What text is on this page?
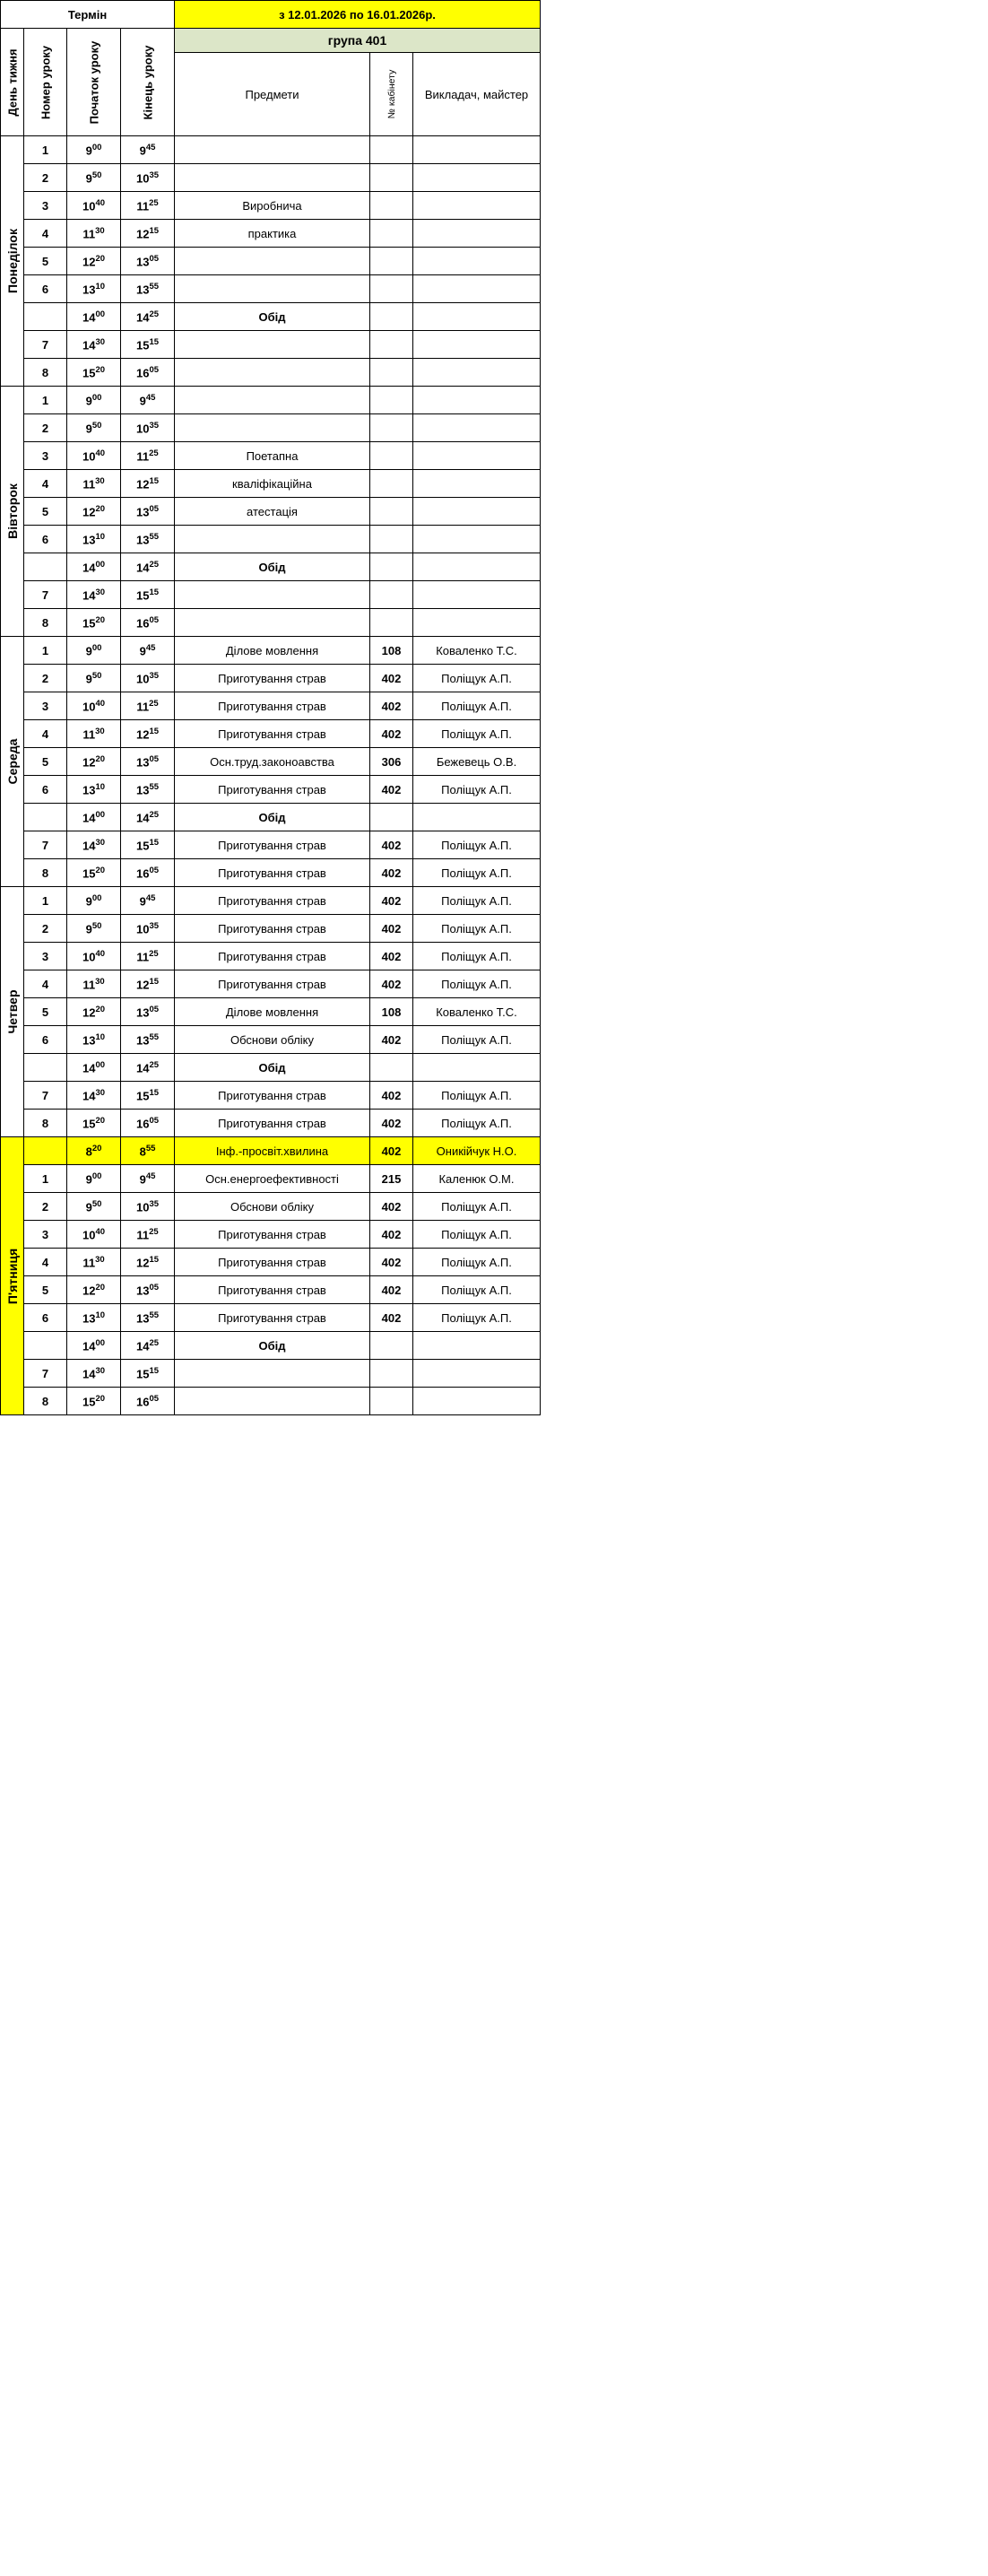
Термін				з 12.01.2026 по 16.01.2026р.		

День тижня	Номер уроку	Початок уроку	Кінець уроку	група 401		
				Предмети	№ кабінету	Викладач, майстер

Понеділок	1	$9^{00}$	$9^{45}$			
	2	$9^{50}$	$10^{35}$			
	3	$10^{40}$	$11^{25}$	Виробнича		
	4	$11^{30}$	$12^{15}$	практика		
	5	$12^{20}$	$13^{05}$			
	6	$13^{10}$	$13^{55}$			
		$14^{00}$	$14^{25}$	Обід		
	7	$14^{30}$	$15^{15}$			
	8	$15^{20}$	$16^{05}$			

Вівторок	1	$9^{00}$	$9^{45}$			
	2	$9^{50}$	$10^{35}$			
	3	$10^{40}$	$11^{25}$	Поетапна		
	4	$11^{30}$	$12^{15}$	кваліфікаційна		
	5	$12^{20}$	$13^{05}$	атестація		
	6	$13^{10}$	$13^{55}$			
		$14^{00}$	$14^{25}$	Обід		
	7	$14^{30}$	$15^{15}$			
	8	$15^{20}$	$16^{05}$			

Середа	1	$9^{00}$	$9^{45}$	Ділове мовлення	108	Коваленко Т.С.
	2	$9^{50}$	$10^{35}$	Приготування страв	402	Поліщук А.П.
	3	$10^{40}$	$11^{25}$	Приготування страв	402	Поліщук А.П.
	4	$11^{30}$	$12^{15}$	Приготування страв	402	Поліщук А.П.
	5	$12^{20}$	$13^{05}$	Осн.труд.законоавства	306	Бежевець О.В.
	6	$13^{10}$	$13^{55}$	Приготування страв	402	Поліщук А.П.
		$14^{00}$	$14^{25}$	Обід		
	7	$14^{30}$	$15^{15}$	Приготування страв	402	Поліщук А.П.
	8	$15^{20}$	$16^{05}$	Приготування страв	402	Поліщук А.П.

Четвер	1	$9^{00}$	$9^{45}$	Приготування страв	402	Поліщук А.П.
	2	$9^{50}$	$10^{35}$	Приготування страв	402	Поліщук А.П.
	3	$10^{40}$	$11^{25}$	Приготування страв	402	Поліщук А.П.
	4	$11^{30}$	$12^{15}$	Приготування страв	402	Поліщук А.П.
	5	$12^{20}$	$13^{05}$	Ділове мовлення	108	Коваленко Т.С.
	6	$13^{10}$	$13^{55}$	Обснови обліку	402	Поліщук А.П.
		$14^{00}$	$14^{25}$	Обід		
	7	$14^{30}$	$15^{15}$	Приготування страв	402	Поліщук А.П.
	8	$15^{20}$	$16^{05}$	Приготування страв	402	Поліщук А.П.

П'ятниця		$8^{20}$	$8^{55}$	Інф.-просвіт.хвилина	402	Оникійчук Н.О.
	1	$9^{00}$	$9^{45}$	Осн.енергоефективності	215	Каленюк О.М.
	2	$9^{50}$	$10^{35}$	Обснови обліку	402	Поліщук А.П.
	3	$10^{40}$	$11^{25}$	Приготування страв	402	Поліщук А.П.
	4	$11^{30}$	$12^{15}$	Приготування страв	402	Поліщук А.П.
	5	$12^{20}$	$13^{05}$	Приготування страв	402	Поліщук А.П.
	6	$13^{10}$	$13^{55}$	Приготування страв	402	Поліщук А.П.
		$14^{00}$	$14^{25}$	Обід		
	7	$14^{30}$	$15^{15}$			
	8	$15^{20}$	$16^{05}$			
